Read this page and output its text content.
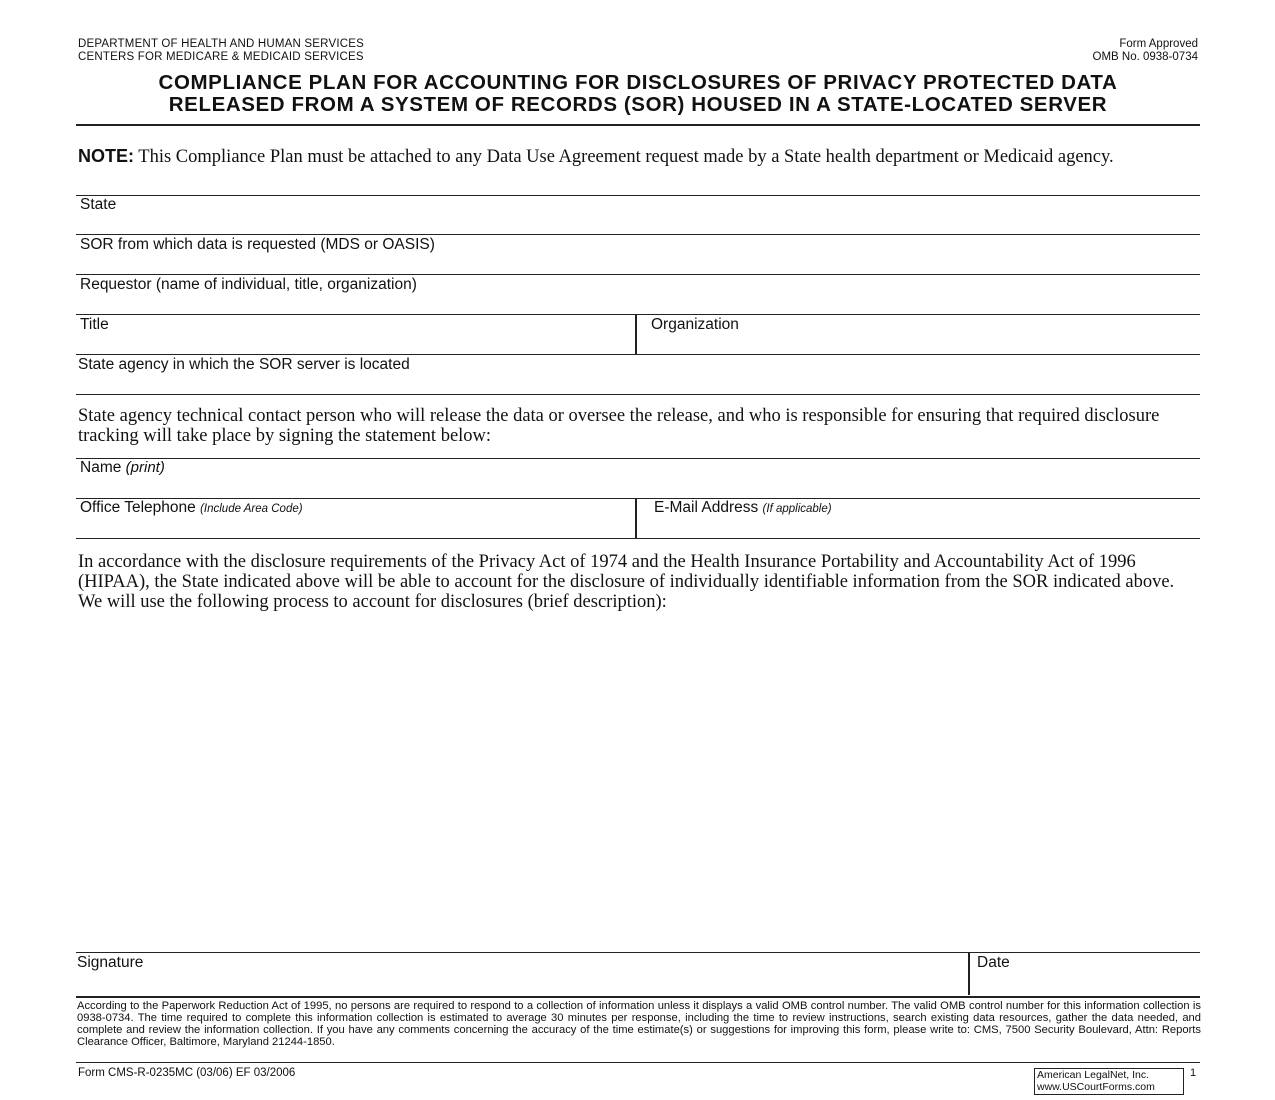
DEPARTMENT OF HEALTH AND HUMAN SERVICES
CENTERS FOR MEDICARE & MEDICAID SERVICES
Form Approved
OMB No. 0938-0734
COMPLIANCE PLAN FOR ACCOUNTING FOR DISCLOSURES OF PRIVACY PROTECTED DATA
RELEASED FROM A SYSTEM OF RECORDS (SOR) HOUSED IN A STATE-LOCATED SERVER
NOTE: This Compliance Plan must be attached to any Data Use Agreement request made by a State health department or Medicaid agency.
State
SOR from which data is requested (MDS or OASIS)
Requestor (name of individual, title, organization)
Title	Organization
State agency in which the SOR server is located
State agency technical contact person who will release the data or oversee the release, and who is responsible for ensuring that required disclosure tracking will take place by signing the statement below:
Name (print)
Office Telephone (Include Area Code)	E-Mail Address (If applicable)
In accordance with the disclosure requirements of the Privacy Act of 1974 and the Health Insurance Portability and Accountability Act of 1996 (HIPAA), the State indicated above will be able to account for the disclosure of individually identifiable information from the SOR indicated above. We will use the following process to account for disclosures (brief description):
Signature	Date
According to the Paperwork Reduction Act of 1995, no persons are required to respond to a collection of information unless it displays a valid OMB control number. The valid OMB control number for this information collection is 0938-0734. The time required to complete this information collection is estimated to average 30 minutes per response, including the time to review instructions, search existing data resources, gather the data needed, and complete and review the information collection. If you have any comments concerning the accuracy of the time estimate(s) or suggestions for improving this form, please write to: CMS, 7500 Security Boulevard, Attn: Reports Clearance Officer, Baltimore, Maryland 21244-1850.
Form CMS-R-0235MC (03/06) EF 03/2006	American LegalNet, Inc.
www.USCourtForms.com
1
